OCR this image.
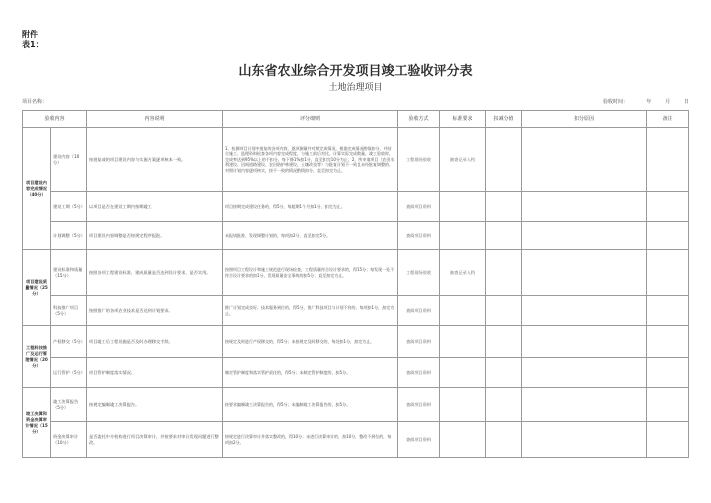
附件
表1：
山东省农业综合开发项目竣工验收评分表
土地治理项目
项目名称：	验收时间：	年	月	日
验收内容		内容说明	评分细则	验收方式	标准要求	扣减分值	扣分原因	备注
项目建设内容完成情况（40分）	建设内容（10分）	按批复或的项目建设内容与实施方案逐项核本一致。	1、检测项目计划中批复的各项内容，逐项测量并对照完成情况，根据完成情况酌情扣分，并结合施工、监理资料检查各项内容完成程度，与施工前后对比，计算实际完成数量。竣工验收时，完成率达到95%以上的不扣分，每下降1%扣1分，直至扣完10分为止；2、所申请项目（农田水利建设、田间道路建设、农田防护林建设、土壤改良等）与批复计划不一致且未经批复调整的，对照计划内容逐项核实，按不一致的情况酌情扣分，直至扣完为止。	工程现场验收	抽查记录入档			
	建设工期（5分）	以项目是否在建设工期内按期竣工	项目按期完成建设任务的，得5分，每超期1个月扣1分，扣完为止。	查阅项目资料				
	计划调整（5分）	项目建设内容调整是否按规定程序报批。	未报请批准、发现调整计划的，每项扣2分，直至扣完5分。	查阅项目资料				
项目建设质量情况（25分）	建设标准和质量（15分）	按照各项工程建设标准，建成质量是否达到设计要求，是否实用。	按照项目工程设计和施工规范进行现场检查，工程质量符合设计要求的，得15分；每发现一处不符合设计要求的扣1分，发现质量安全事故的扣5分；直至扣完为止。	工程现场验收	抽查记录入档			
	科技推广项目（5分）	按照推广的各项农业技术是否达到计划要求。	推广计划完成良好、技术服务到位的，得5分，推广科技项目与计划不符的，每项扣1分，扣完为止。	查阅项目资料				
工程科技推广及运行管理情况（20分）	产权移交（5分）	项目竣工后工程设施是否及时办理移交手续。	按规定及时进行产权移交的，得5分；未按规定及时移交的，每处扣1分，扣完为止。	查阅项目资料				
	运行管护（5分）	项目管护制度落实情况。	制定管护制度和落实管护责任的，得5分；未制定管护制度的，扣5分。	查阅项目资料				
竣工决算和资金决算审计情况（15分）	竣工决算报告（5分）	按规定编制竣工决算报告。	按要求编制竣工决算报告的，得5分；未编制竣工决算报告的，扣5分。	查阅项目资料				
	资金决算审计（10分）	是否委托中介机构进行项目决算审计，并按要求对审计发现问题进行整改。	按规定进行决算审计并落实整改的，得10分；未进行决算审计的，扣10分，整改不到位的，每项扣2分。	查阅项目资料				
